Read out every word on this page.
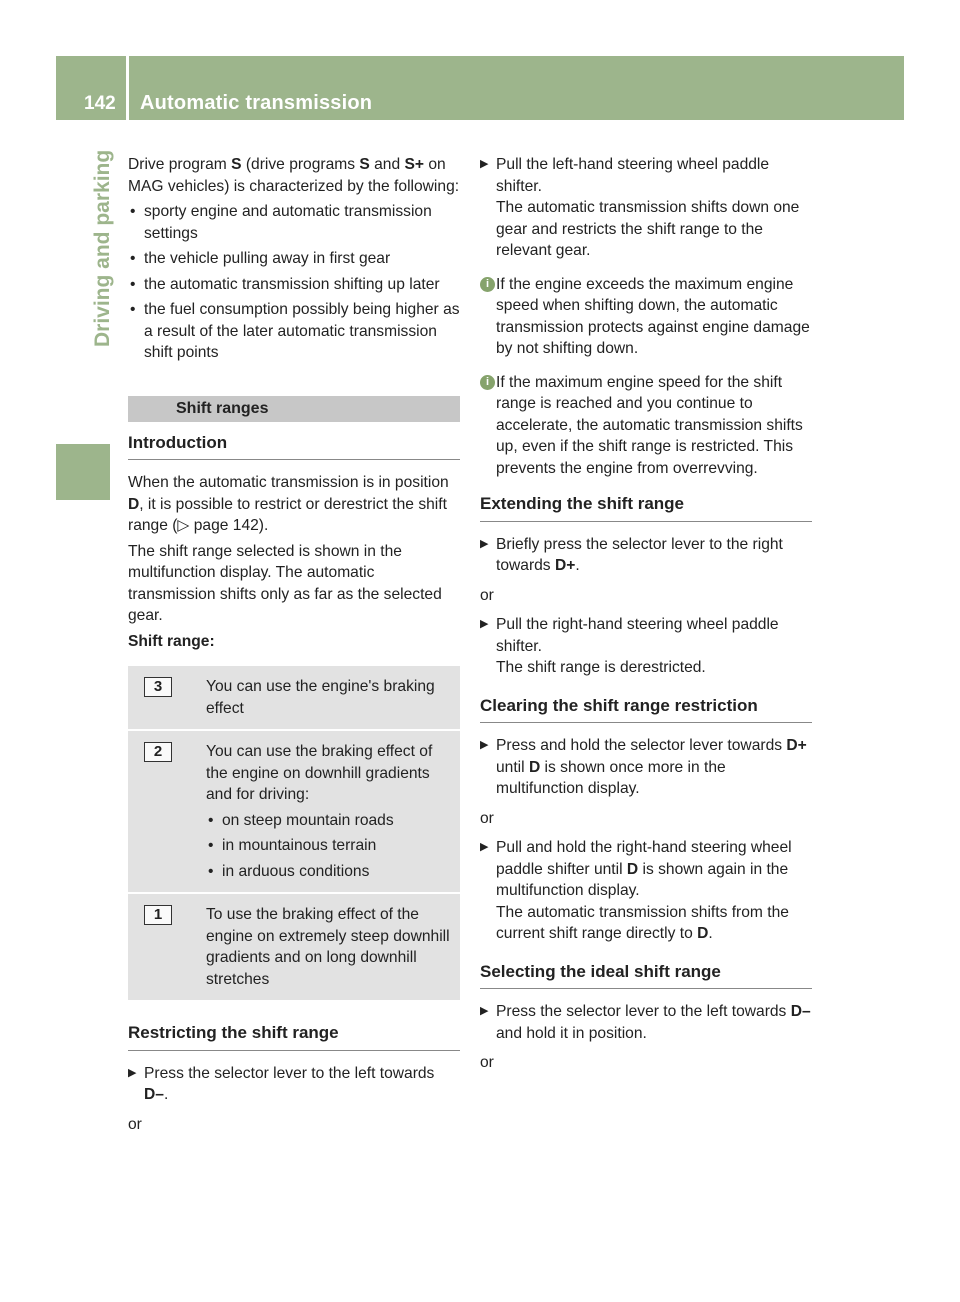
142 Automatic transmission
Driving and parking Drive program S (drive programs S and S+ on MAG vehicles) is characterized by the following:

• sporty engine and automatic transmission settings
• the vehicle pulling away in first gear
• the automatic transmission shifting up later
• the fuel consumption possibly being higher as a result of the later automatic transmission shift points
Shift ranges
Introduction

When the automatic transmission is in position D, it is possible to restrict or derestrict the shift range (▷ page 142).

The shift range selected is shown in the multifunction display. The automatic transmission shifts only as far as the selected gear.

Shift range:

3	You can use the engine's braking effect
2	You can use the braking effect of the engine on downhill gradients and for driving:
• on steep mountain roads
• in mountainous terrain
• in arduous conditions
1	To use the braking effect of the engine on extremely steep downhill gradients and on long downhill stretches
Restricting the shift range
▶ Press the selector lever to the left towards D–.

or

▶ Pull the left-hand steering wheel paddle shifter.
The automatic transmission shifts down one gear and restricts the shift range to the relevant gear.
i If the engine exceeds the maximum engine speed when shifting down, the automatic transmission protects against engine damage by not shifting down.
i If the maximum engine speed for the shift range is reached and you continue to accelerate, the automatic transmission shifts up, even if the shift range is restricted. This prevents the engine from overrevving.
Extending the shift range
▶ Briefly press the selector lever to the right towards D+.

or

▶ Pull the right-hand steering wheel paddle shifter.
The shift range is derestricted.
Clearing the shift range restriction
▶ Press and hold the selector lever towards D+ until D is shown once more in the multifunction display.

or

▶ Pull and hold the right-hand steering wheel paddle shifter until D is shown again in the multifunction display.
The automatic transmission shifts from the current shift range directly to D.
Selecting the ideal shift range
▶ Press the selector lever to the left towards D– and hold it in position.

or
